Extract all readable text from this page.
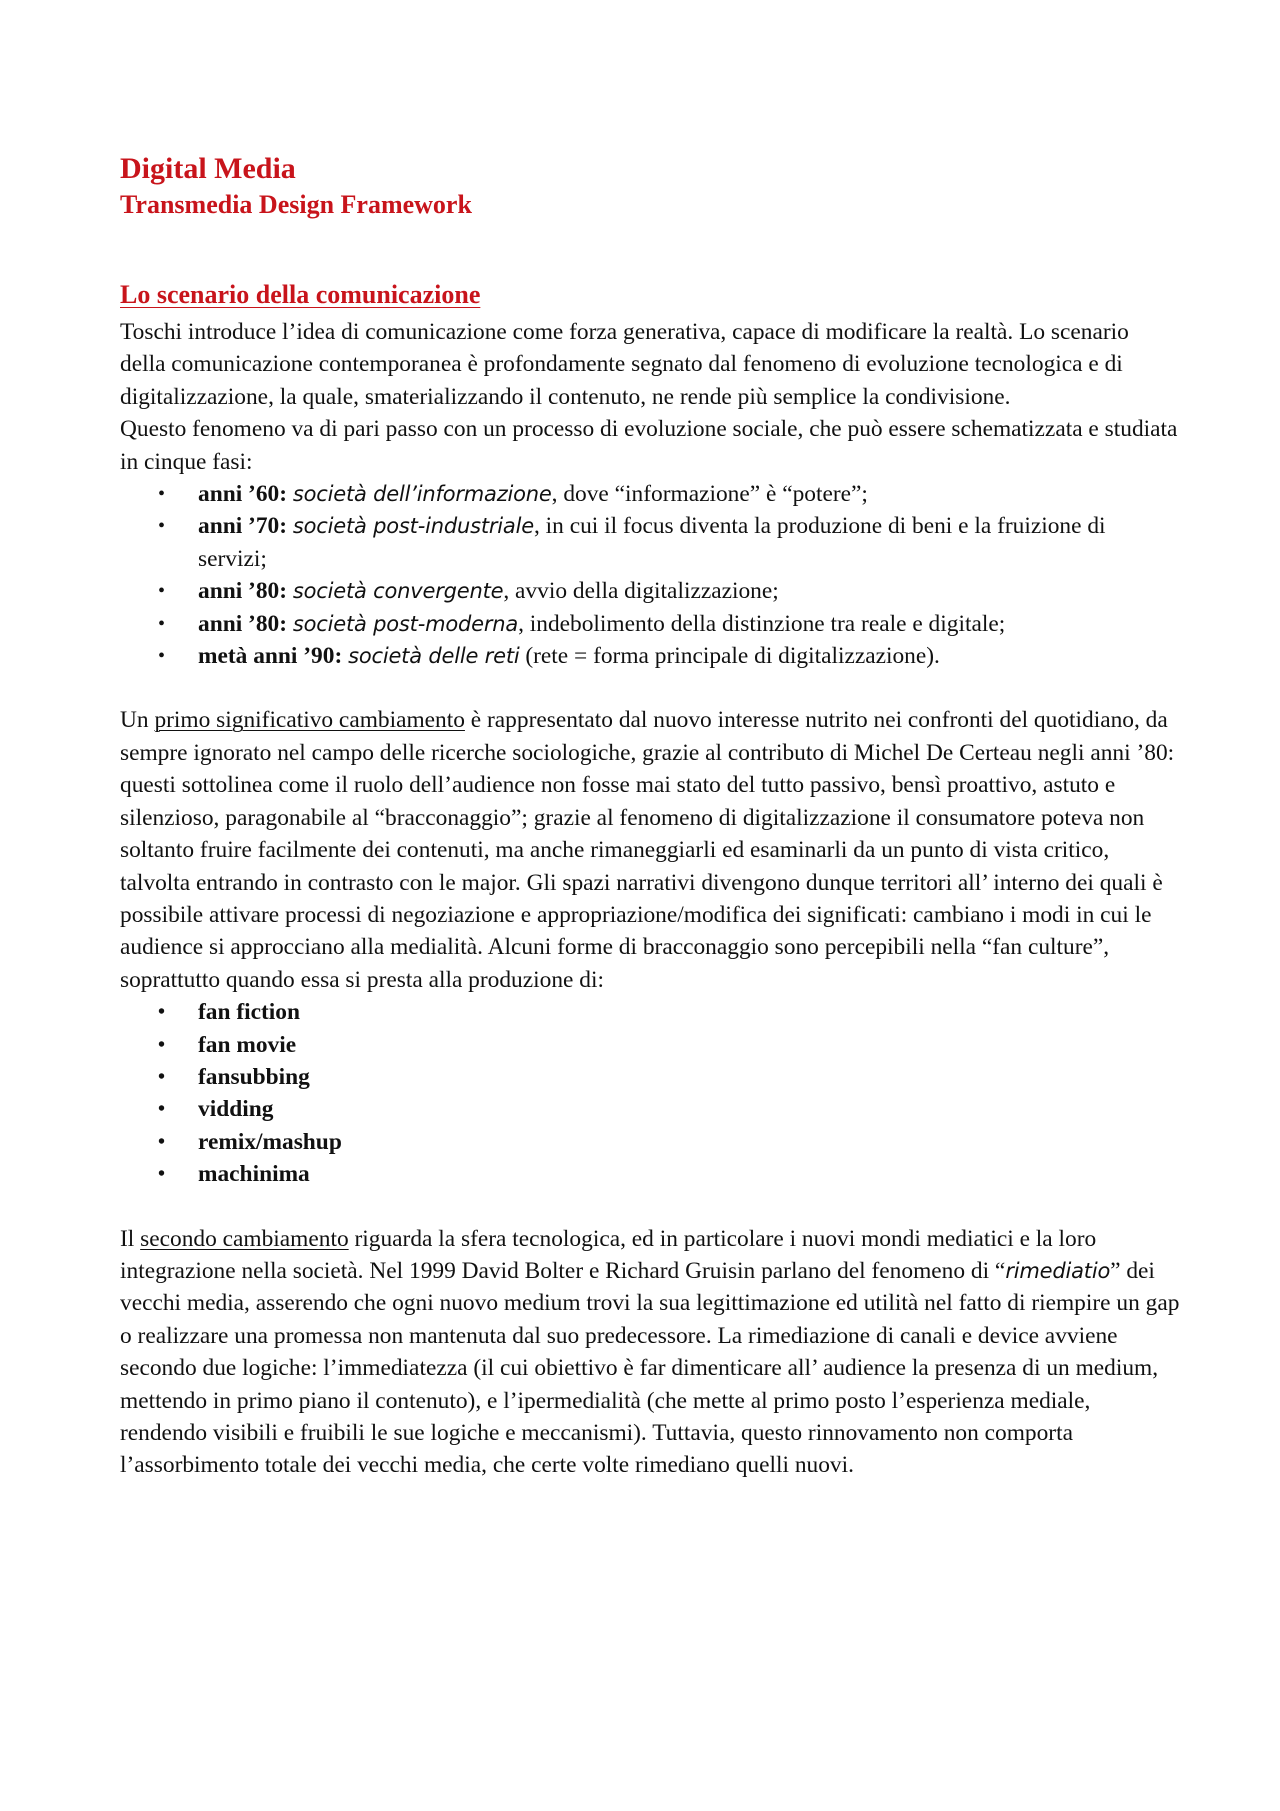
Digital Media
Transmedia Design Framework
Lo scenario della comunicazione

Toschi introduce l’idea di comunicazione come forza generativa, capace di modificare la realtà. Lo scenario della comunicazione contemporanea è profondamente segnato dal fenomeno di evoluzione tecnologica e di digitalizzazione, la quale, smaterializzando il contenuto, ne rende più semplice la condivisione.

Questo fenomeno va di pari passo con un processo di evoluzione sociale, che può essere schematizzata e studiata in cinque fasi:

• anni ’60: società dell’informazione, dove “informazione” è “potere”;
• anni ’70: società post-industriale, in cui il focus diventa la produzione di beni e la fruizione di servizi;
• anni ’80: società convergente, avvio della digitalizzazione;
• anni ’80: società post-moderna, indebolimento della distinzione tra reale e digitale;
• metà anni ’90: società delle reti (rete = forma principale di digitalizzazione).

Un primo significativo cambiamento è rappresentato dal nuovo interesse nutrito nei confronti del quotidiano, da sempre ignorato nel campo delle ricerche sociologiche, grazie al contributo di Michel De Certeau negli anni ’80: questi sottolinea come il ruolo dell’audience non fosse mai stato del tutto passivo, bensì proattivo, astuto e silenzioso, paragonabile al “bracconaggio”; grazie al fenomeno di digitalizzazione il consumatore poteva non soltanto fruire facilmente dei contenuti, ma anche rimaneggiarli ed esaminarli da un punto di vista critico, talvolta entrando in contrasto con le major. Gli spazi narrativi divengono dunque territori all’ interno dei quali è possibile attivare processi di negoziazione e appropriazione/modifica dei significati: cambiano i modi in cui le audience si approcciano alla medialità. Alcuni forme di bracconaggio sono percepibili nella “fan culture”, soprattutto quando essa si presta alla produzione di:

• fan fiction
• fan movie
• fansubbing
• vidding
• remix/mashup
• machinima

Il secondo cambiamento riguarda la sfera tecnologica, ed in particolare i nuovi mondi mediatici e la loro integrazione nella società. Nel 1999 David Bolter e Richard Gruisin parlano del fenomeno di “rimediatio” dei vecchi media, asserendo che ogni nuovo medium trovi la sua legittimazione ed utilità nel fatto di riempire un gap o realizzare una promessa non mantenuta dal suo predecessore. La rimediazione di canali e device avviene secondo due logiche: l’immediatezza (il cui obiettivo è far dimenticare all’ audience la presenza di un medium, mettendo in primo piano il contenuto), e l’ipermedialità (che mette al primo posto l’esperienza mediale, rendendo visibili e fruibili le sue logiche e meccanismi). Tuttavia, questo rinnovamento non comporta l’assorbimento totale dei vecchi media, che certe volte rimediano quelli nuovi.
